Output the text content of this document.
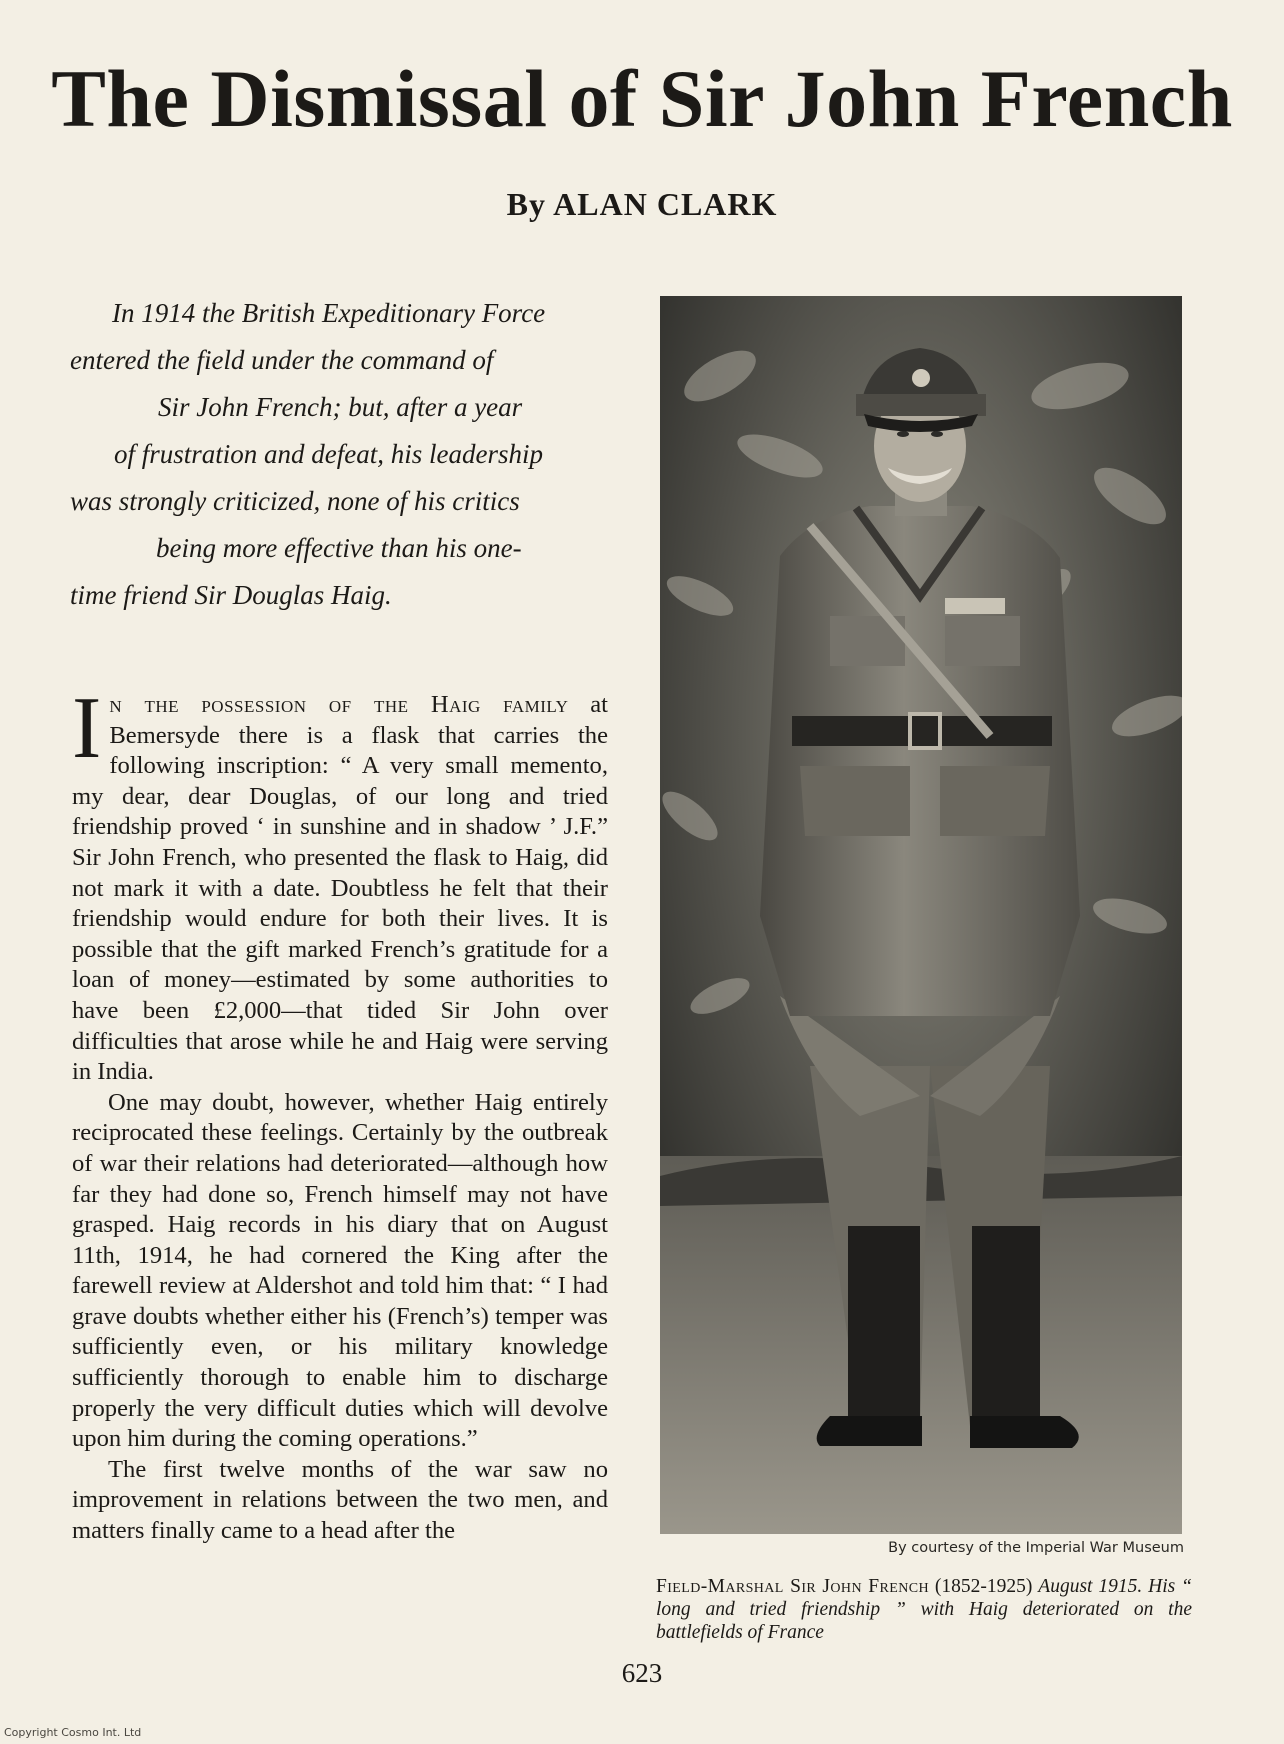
The Dismissal of Sir John French
By ALAN CLARK
In 1914 the British Expeditionary Force
entered the field under the command of
Sir John French; but, after a year
of frustration and defeat, his leadership
was strongly criticized, none of his critics
being more effective than his one-
time friend Sir Douglas Haig.

In the possession of the Haig family at Bemersyde there is a flask that carries the following inscription: “ A very small memento, my dear, dear Douglas, of our long and tried friendship proved ‘ in sunshine and in shadow ’ J.F.” Sir John French, who presented the flask to Haig, did not mark it with a date. Doubtless he felt that their friendship would endure for both their lives. It is possible that the gift marked French’s gratitude for a loan of money—estimated by some authorities to have been £2,000—that tided Sir John over difficulties that arose while he and Haig were serving in India.

One may doubt, however, whether Haig entirely reciprocated these feelings. Certainly by the outbreak of war their relations had deteriorated—although how far they had done so, French himself may not have grasped. Haig records in his diary that on August 11th, 1914, he had cornered the King after the farewell review at Aldershot and told him that: “ I had grave doubts whether either his (French’s) temper was sufficiently even, or his military knowledge sufficiently thorough to enable him to discharge properly the very difficult duties which will devolve upon him during the coming operations.”

The first twelve months of the war saw no improvement in relations between the two men, and matters finally came to a head after the

By courtesy of the Imperial War Museum
Field-Marshal Sir John French (1852-1925) August 1915. His “ long and tried friendship ” with Haig deteriorated on the battlefields of France
623
Copyright Cosmo Int. Ltd
